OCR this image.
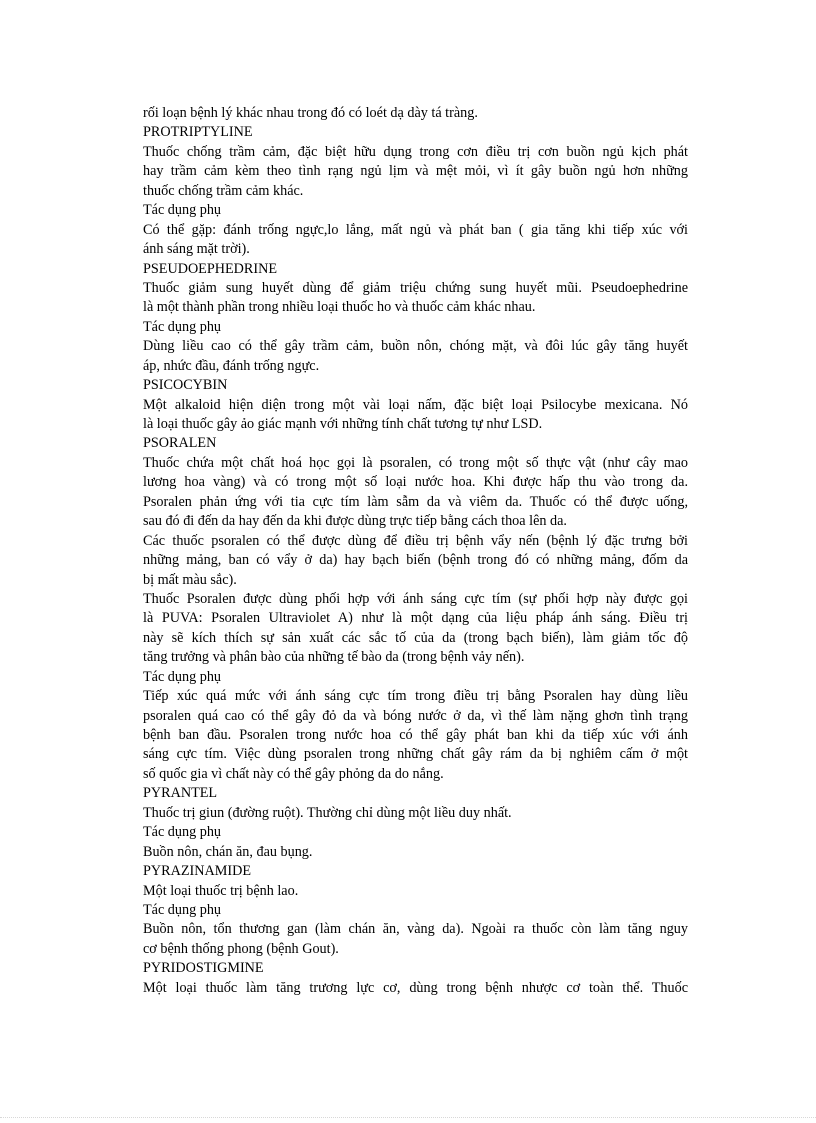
rối loạn bệnh lý khác nhau trong đó có loét dạ dày tá tràng.
PROTRIPTYLINE
Thuốc chống trầm cảm, đặc biệt hữu dụng trong cơn điều trị cơn buồn ngủ kịch phát
hay trầm cảm kèm theo tình rạng ngủ lịm và mệt mỏi, vì ít gây buồn ngủ hơn những
thuốc chống trầm cảm khác.
Tác dụng phụ
Có thể gặp: đánh trống ngực,lo lắng, mất ngủ và phát ban ( gia tăng khi tiếp xúc với
ánh sáng mặt trời).
PSEUDOEPHEDRINE
Thuốc giảm sung huyết dùng để giảm triệu chứng sung huyết mũi. Pseudoephedrine
là một thành phần trong nhiều loại thuốc ho và thuốc cảm khác nhau.
Tác dụng phụ
Dùng liều cao có thể gây trầm cảm, buồn nôn, chóng mặt, và đôi lúc gây tăng huyết
áp, nhức đầu, đánh trống ngực.
PSICOCYBIN
Một alkaloid hiện diện trong một vài loại nấm, đặc biệt loại Psilocybe mexicana. Nó
là loại thuốc gây ảo giác mạnh với những tính chất tương tự như LSD.
PSORALEN
Thuốc chứa một chất hoá học gọi là psoralen, có trong một số thực vật (như cây mao
lương hoa vàng) và có trong một số loại nước hoa. Khi được hấp thu vào trong da.
Psoralen phản ứng với tia cực tím làm sẫm da và viêm da. Thuốc có thể được uống,
sau đó đi đến da hay đến da khi được dùng trực tiếp bằng cách thoa lên da.
Các thuốc psoralen có thể được dùng để điều trị bệnh vẩy nến (bệnh lý đặc trưng bởi
những mảng, ban có vẩy ở da) hay bạch biến (bệnh trong đó có những mảng, đốm da
bị mất màu sắc).
Thuốc Psoralen được dùng phối hợp với ánh sáng cực tím (sự phối hợp này được gọi
là PUVA: Psoralen Ultraviolet A) như là một dạng của liệu pháp ánh sáng. Điều trị
này sẽ kích thích sự sản xuất các sắc tố của da (trong bạch biến), làm giảm tốc độ
tăng trưởng và phân bào của những tế bào da (trong bệnh vảy nến).
Tác dụng phụ
Tiếp xúc quá mức với ánh sáng cực tím trong điều trị bằng Psoralen hay dùng liều
psoralen quá cao có thể gây đỏ da và bóng nước ở da, vì thế làm nặng ghơn tình trạng
bệnh ban đầu. Psoralen trong nước hoa có thể gây phát ban khi da tiếp xúc với ánh
sáng cực tím. Việc dùng psoralen trong những chất gây rám da bị nghiêm cấm ở một
số quốc gia vì chất này có thể gây phỏng da do nắng.
PYRANTEL
Thuốc trị giun (đường ruột). Thường chỉ dùng một liều duy nhất.
Tác dụng phụ
Buồn nôn, chán ăn, đau bụng.
PYRAZINAMIDE
Một loại thuốc trị bệnh lao.
Tác dụng phụ
Buồn nôn, tổn thương gan (làm chán ăn, vàng da). Ngoài ra thuốc còn làm tăng nguy
cơ bệnh thống phong (bệnh Gout).
PYRIDOSTIGMINE
Một loại thuốc làm tăng trương lực cơ, dùng trong bệnh nhược cơ toàn thể. Thuốc
